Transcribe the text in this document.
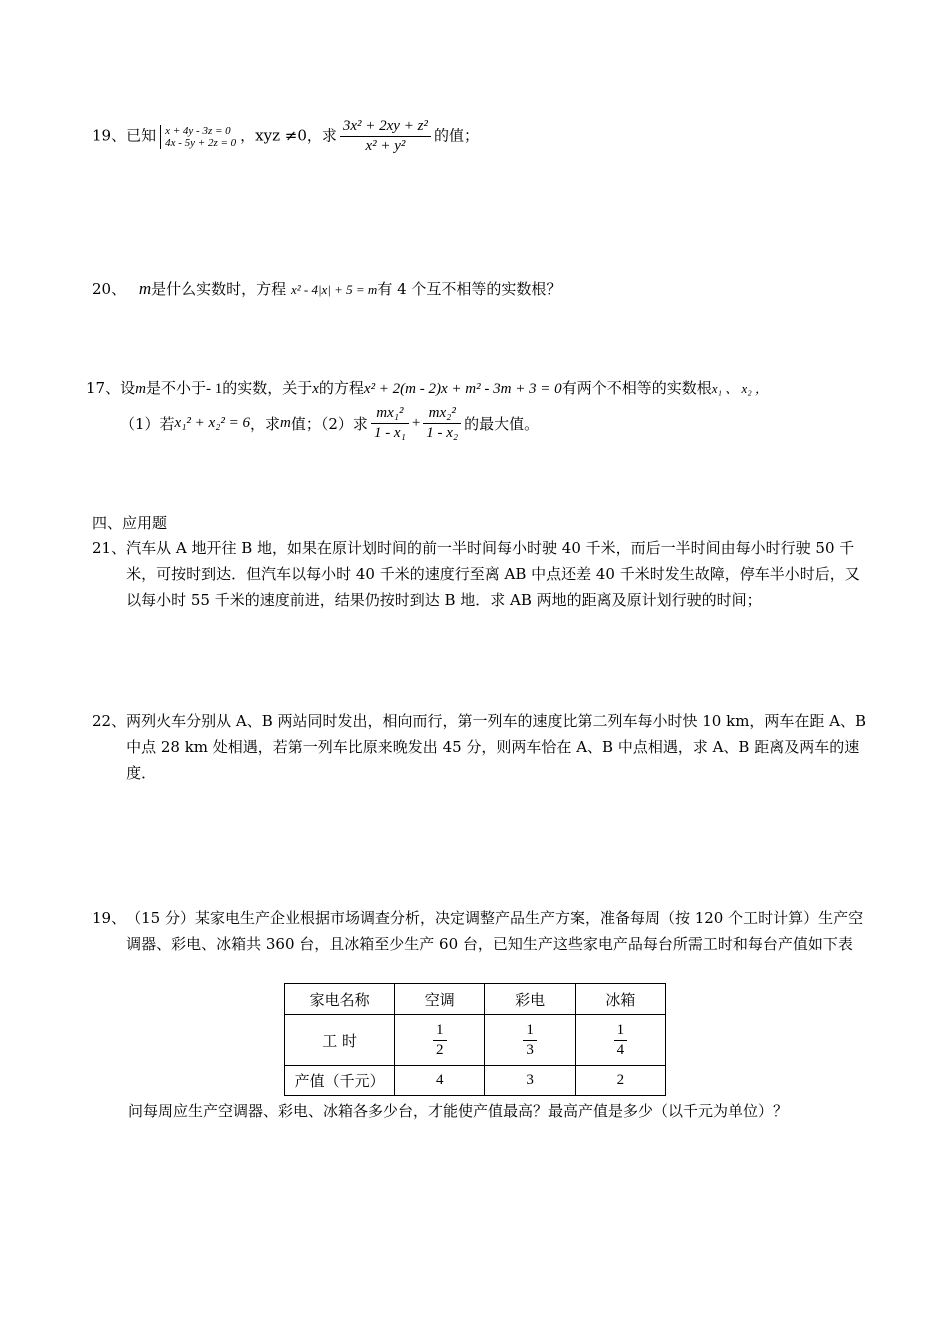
19、已知 x + 4y - 3z = 0
4x - 5y + 2z = 0 ，xyz ≠0，求 $\frac{\text{3x² + 2xy + z²}}{\text{x² + y²}}$ 的值；
20、 m是什么实数时，方程 x² - 4|x| + 5 = m有 4 个互不相等的实数根？
17、设m是不小于- 1的实数，关于x的方程x² + 2(m - 2)x + m² - 3m + 3 = 0有两个不相等的实数根x₁ 、 x₂ ，
（1）若x₁² + x₂² = 6，求m值；（2）求 $\frac{\text{mx₁²}}{\text{1 - x₁}} + \frac{\text{mx₂²}}{\text{1 - x₂}}$ 的最大值。
四、应用题
21、 汽车从 A 地开往 B 地，如果在原计划时间的前一半时间每小时驶 40 千米，而后一半时间由每小时行驶 50 千米，可按时到达．但汽车以每小时 40 千米的速度行至离 AB 中点还差 40 千米时发生故障，停车半小时后，又以每小时 55 千米的速度前进，结果仍按时到达 B 地．求 AB 两地的距离及原计划行驶的时间；
22、 两列火车分别从 A、B 两站同时发出，相向而行，第一列车的速度比第二列车每小时快 10 km，两车在距 A、B 中点 28 km 处相遇，若第一列车比原来晚发出 45 分，则两车恰在 A、B 中点相遇，求 A、B 距离及两车的速度．
19、 （15 分）某家电生产企业根据市场调查分析，决定调整产品生产方案，准备每周（按 120 个工时计算）生产空调器、彩电、冰箱共 360 台，且冰箱至少生产 60 台，已知生产这些家电产品每台所需工时和每台产值如下表
家电名称	空调	彩电	冰箱
工 时	$\frac{1}{2}$	$\frac{1}{3}$	$\frac{1}{4}$

产值（千元）	4	3	2
问每周应生产空调器、彩电、冰箱各多少台，才能使产值最高？最高产值是多少（以千元为单位）？
